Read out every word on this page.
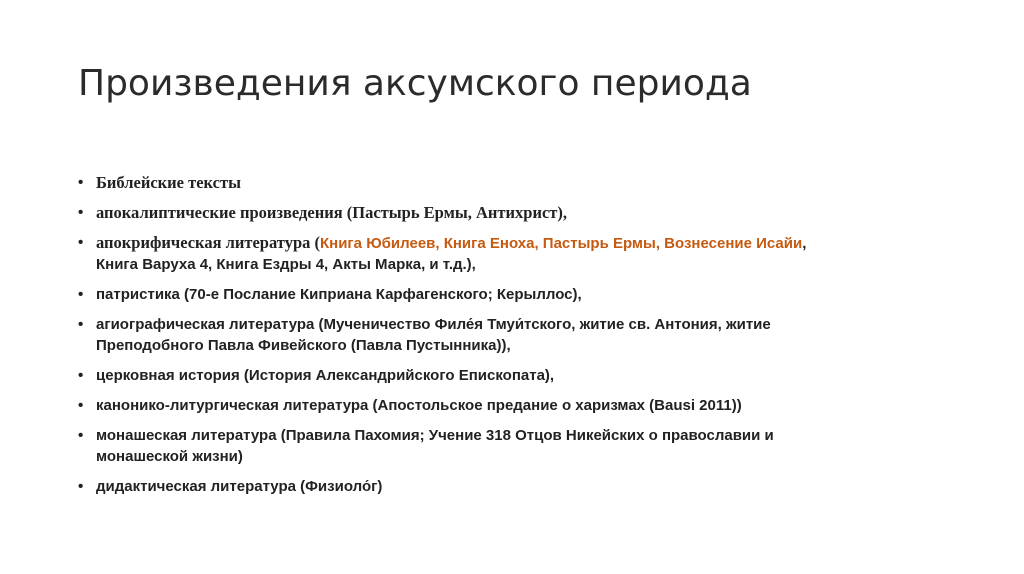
Произведения аксумского периода
• Библейские тексты
• апокалиптические произведения (Пастырь Ермы, Антихрист),
• апокрифическая литература (Книга Юбилеев, Книга Еноха, Пастырь Ермы, Вознесение Исайи,
Книга Варуха 4, Книга Ездры 4, Акты Марка, и т.д.),
• патристика (70-е Послание Киприана Карфагенского; Керыллос),
• агиографическая литература (Мученичество Филе́я Тмуи́тского, житие св. Антония, житие
Преподобного Павла Фивейского (Павла Пустынника)),
• церковная история (История Александрийского Епископата),
• канонико-литургическая литература (Апостольское предание о харизмах (Bausi 2011))
• монашеская литература (Правила Пахомия; Учение 318 Отцов Никейских о православии и
монашеской жизни)
• дидактическая литература (Физиоло́г)
